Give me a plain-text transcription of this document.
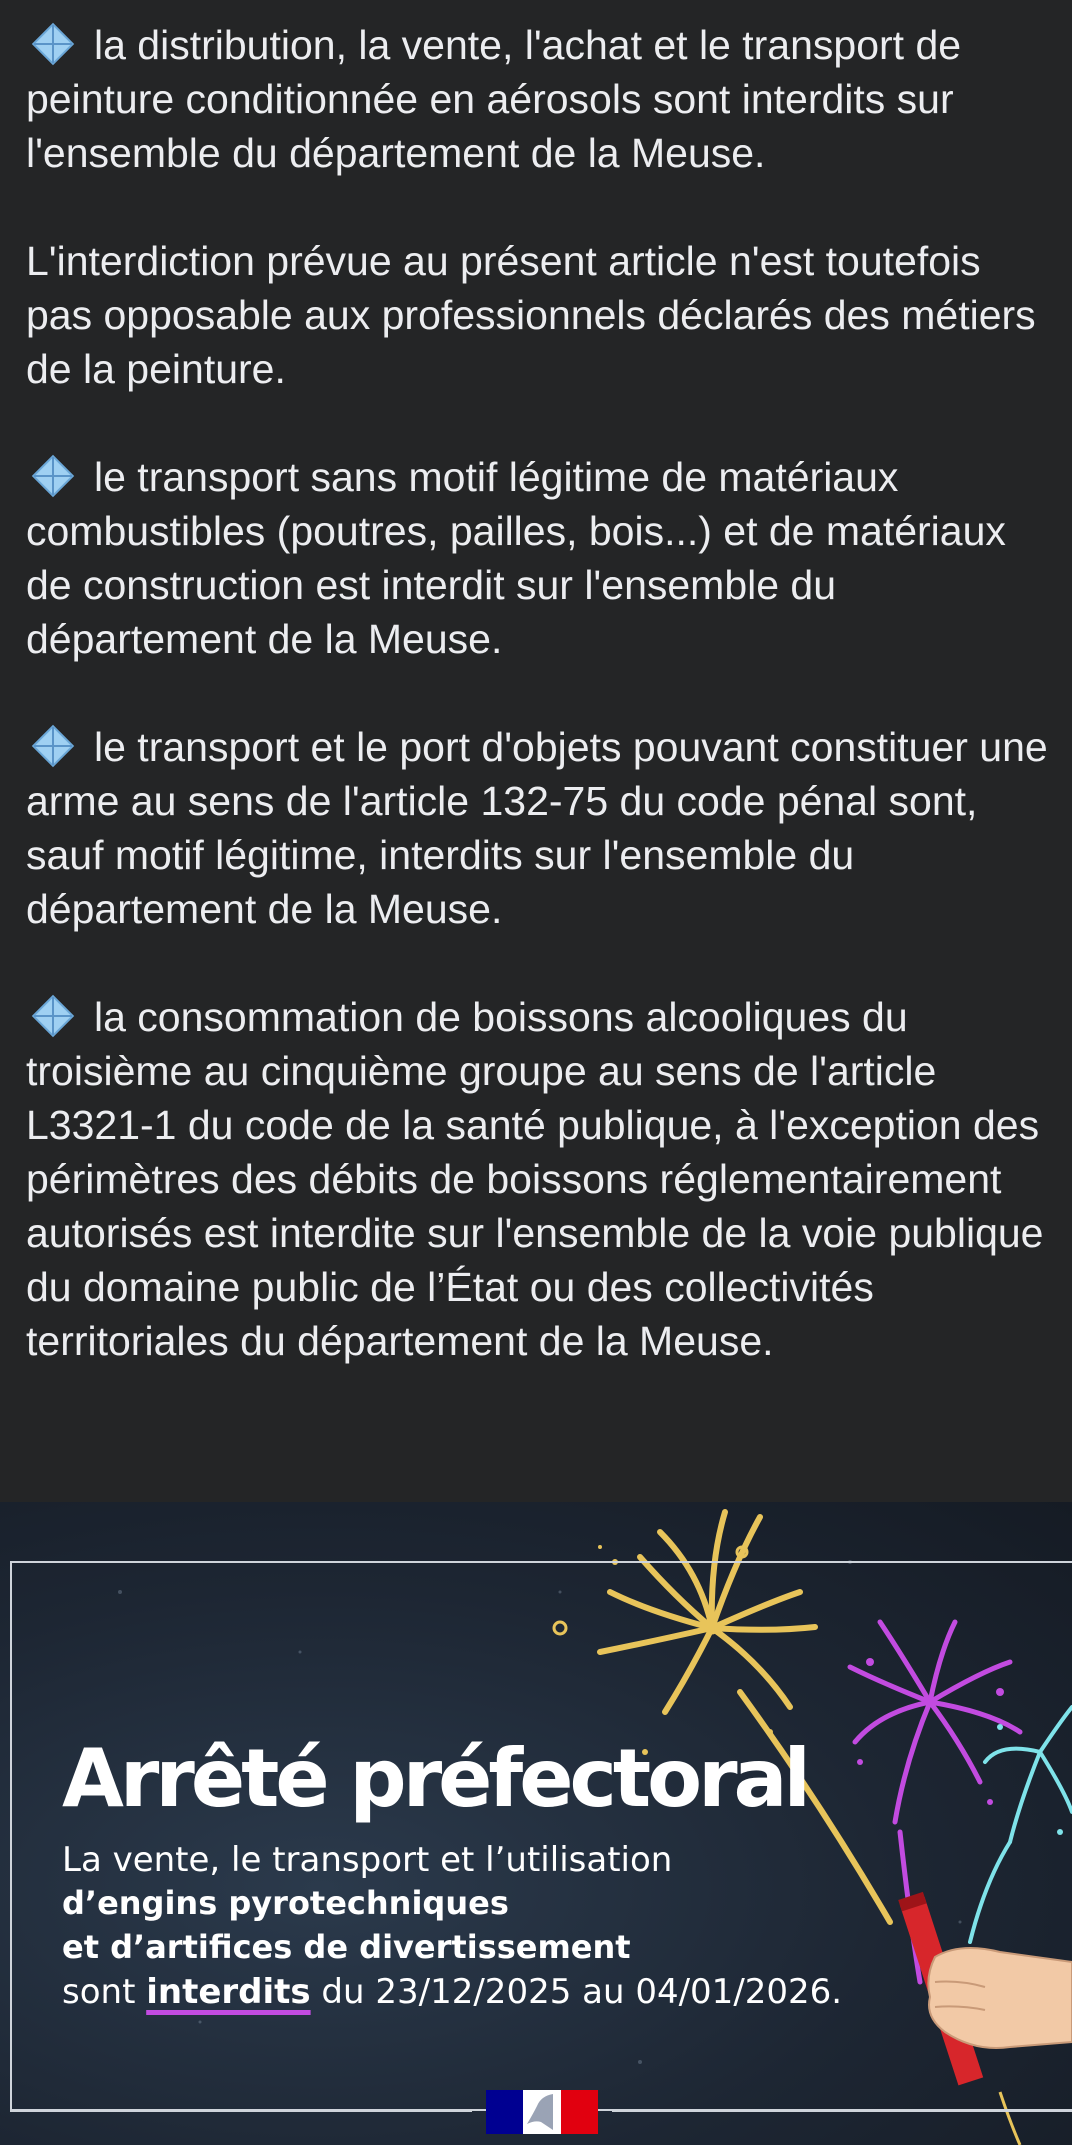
la distribution, la vente, l'achat et le transport de peinture conditionnée en aérosols sont interdits sur l'ensemble du département de la Meuse.

L'interdiction prévue au présent article n'est toutefois pas opposable aux professionnels déclarés des métiers de la peinture.

le transport sans motif légitime de matériaux combustibles (poutres, pailles, bois...) et de matériaux de construction est interdit sur l'ensemble du département de la Meuse.

le transport et le port d'objets pouvant constituer une arme au sens de l'article 132-75 du code pénal sont, sauf motif légitime, interdits sur l'ensemble du département de la Meuse.

la consommation de boissons alcooliques du troisième au cinquième groupe au sens de l'article L3321-1 du code de la santé publique, à l'exception des périmètres des débits de boissons réglementairement autorisés est interdite sur l'ensemble de la voie publique du domaine public de l’État ou des collectivités territoriales du département de la Meuse.

Arrêté préfectoral
La vente, le transport et l’utilisation
d’engins pyrotechniques
et d’artifices de divertissement
sont interdits du 23/12/2025 au 04/01/2026.
